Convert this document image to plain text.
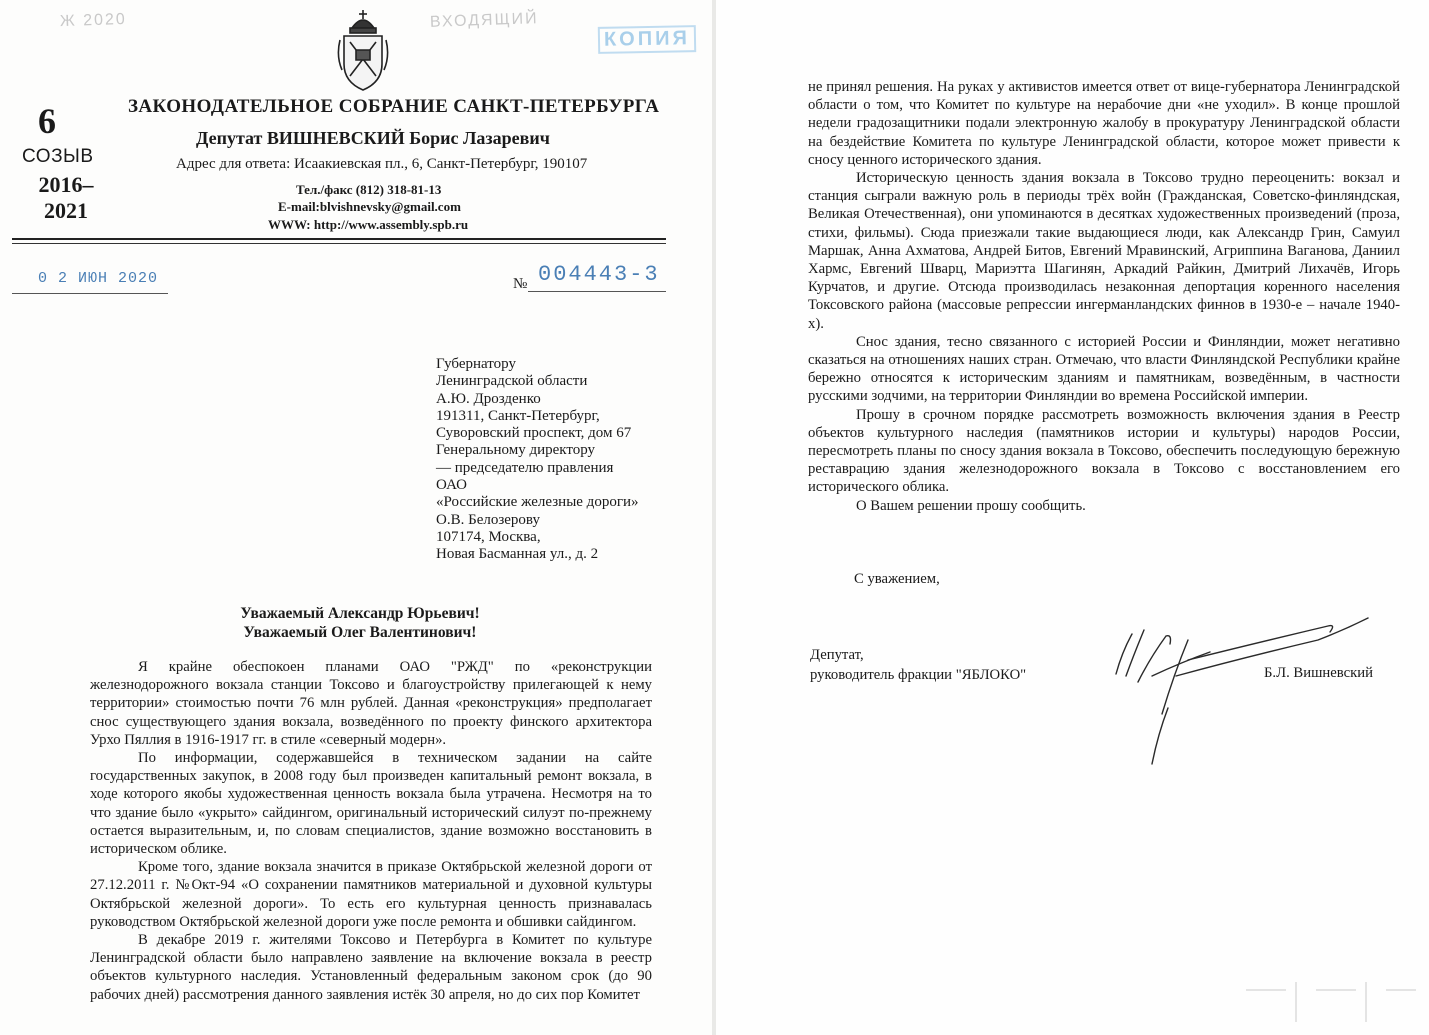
Ж 2020	ВХОДЯЩИЙ
КОПИЯ
6
СОЗЫВ
2016–
2021
ЗАКОНОДАТЕЛЬНОЕ СОБРАНИЕ САНКТ-ПЕТЕРБУРГА
Депутат ВИШНЕВСКИЙ Борис Лазаревич
Адрес для ответа: Исаакиевская пл., 6, Санкт-Петербург, 190107
Тел./факс (812) 318-81-13
E-mail:blvishnevsky@gmail.com
WWW: http://www.assembly.spb.ru
0 2 ИЮН 2020	№ 004443-3
Губернатору
Ленинградской области
А.Ю. Дрозденко
191311, Санкт-Петербург,
Суворовский проспект, дом 67
Генеральному директору
— председателю правления
ОАО
«Российские железные дороги»
О.В. Белозерову
107174, Москва,
Новая Басманная ул., д. 2
Уважаемый Александр Юрьевич!
Уважаемый Олег Валентинович!

Я крайне обеспокоен планами ОАО "РЖД" по «реконструкции железнодорожного вокзала станции Токсово и благоустройству прилегающей к нему территории» стоимостью почти 76 млн рублей. Данная «реконструкция» предполагает снос существующего здания вокзала, возведённого по проекту финского архитектора Урхо Пяллия в 1916-1917 гг. в стиле «северный модерн».

По информации, содержавшейся в техническом задании на сайте государственных закупок, в 2008 году был произведен капитальный ремонт вокзала, в ходе которого якобы художественная ценность вокзала была утрачена. Несмотря на то что здание было «укрыто» сайдингом, оригинальный исторический силуэт по-прежнему остается выразительным, и, по словам специалистов, здание возможно восстановить в историческом облике.

Кроме того, здание вокзала значится в приказе Октябрьской железной дороги от 27.12.2011 г. №Окт-94 «О сохранении памятников материальной и духовной культуры Октябрьской железной дороги». То есть его культурная ценность признавалась руководством Октябрьской железной дороги уже после ремонта и обшивки сайдингом.

В декабре 2019 г. жителями Токсово и Петербурга в Комитет по культуре Ленинградской области было направлено заявление на включение вокзала в реестр объектов культурного наследия. Установленный федеральным законом срок (до 90 рабочих дней) рассмотрения данного заявления истёк 30 апреля, но до сих пор Комитет

не принял решения. На руках у активистов имеется ответ от вице-губернатора Ленинградской области о том, что Комитет по культуре на нерабочие дни «не уходил». В конце прошлой недели градозащитники подали электронную жалобу в прокуратуру Ленинградской области на бездействие Комитета по культуре Ленинградской области, которое может привести к сносу ценного исторического здания.

Историческую ценность здания вокзала в Токсово трудно переоценить: вокзал и станция сыграли важную роль в периоды трёх войн (Гражданская, Советско-финляндская, Великая Отечественная), они упоминаются в десятках художественных произведений (проза, стихи, фильмы). Сюда приезжали такие выдающиеся люди, как Александр Грин, Самуил Маршак, Анна Ахматова, Андрей Битов, Евгений Мравинский, Агриппина Ваганова, Даниил Хармс, Евгений Шварц, Мариэтта Шагинян, Аркадий Райкин, Дмитрий Лихачёв, Игорь Курчатов, и другие. Отсюда производилась незаконная депортация коренного населения Токсовского района (массовые репрессии ингерманландских финнов в 1930-е – начале 1940-х).

Снос здания, тесно связанного с историей России и Финляндии, может негативно сказаться на отношениях наших стран. Отмечаю, что власти Финляндской Республики крайне бережно относятся к историческим зданиям и памятникам, возведённым, в частности русскими зодчими, на территории Финляндии во времена Российской империи.

Прошу в срочном порядке рассмотреть возможность включения здания в Реестр объектов культурного наследия (памятников истории и культуры) народов России, пересмотреть планы по сносу здания вокзала в Токсово, обеспечить последующую бережную реставрацию здания железнодорожного вокзала в Токсово с восстановлением его исторического облика.

О Вашем решении прошу сообщить.

С уважением,
Депутат,
руководитель фракции "ЯБЛОКО"	Б.Л. Вишневский
